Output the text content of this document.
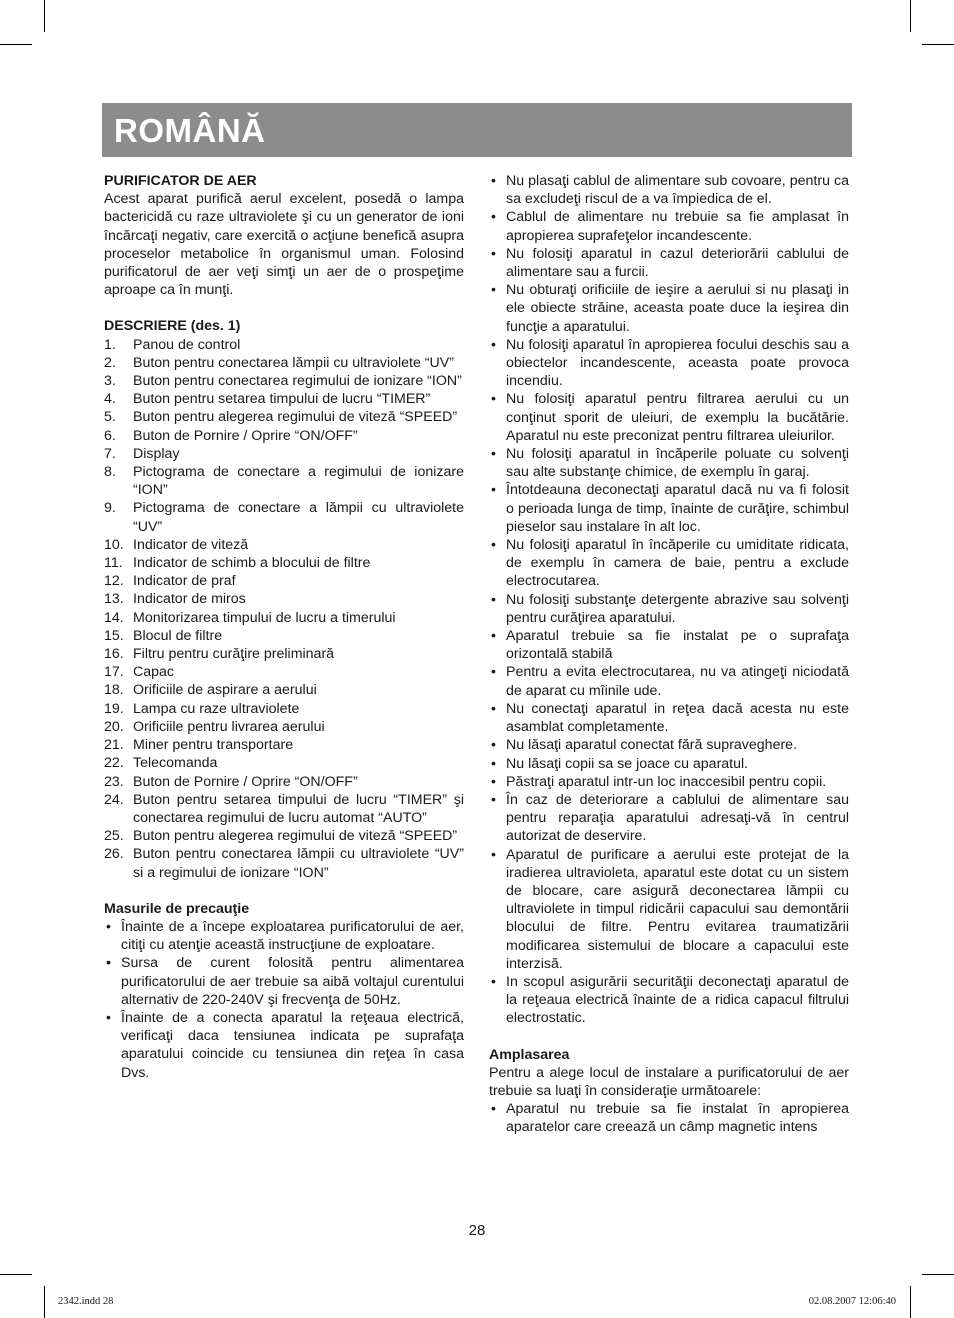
ROMÂNĂ

PURIFICATOR DE AER

Acest aparat purifică aerul excelent, posedă o lampa bactericidă cu raze ultraviolete şi cu un generator de ioni încărcaţi negativ, care exercită o acţiune benefică asupra proceselor metabolice în organismul uman. Folosind purificatorul de aer veţi simţi un aer de o prospeţime aproape ca în munţi.

DESCRIERE (des. 1)

1. Panou de control
2. Buton pentru conectarea lămpii cu ultraviolete “UV”
3. Buton pentru conectarea regimului de ionizare “ION”
4. Buton pentru setarea timpului de lucru “TIMER”
5. Buton pentru alegerea regimului de viteză “SPEED”
6. Buton de Pornire / Oprire “ON/OFF”
7. Display
8. Pictograma de conectare a regimului de ionizare “ION”
9. Pictograma de conectare a lămpii cu ultraviolete “UV”
10. Indicator de viteză
11. Indicator de schimb a blocului de filtre
12. Indicator de praf
13. Indicator de miros
14. Monitorizarea timpului de lucru a timerului
15. Blocul de filtre
16. Filtru pentru curăţire preliminară
17. Capac
18. Orificiile de aspirare a aerului
19. Lampa cu raze ultraviolete
20. Orificiile pentru livrarea aerului
21. Miner pentru transportare
22. Telecomanda
23. Buton de Pornire / Oprire “ON/OFF”
24. Buton pentru setarea timpului de lucru “TIMER” şi conectarea regimului de lucru automat “AUTO”
25. Buton pentru alegerea regimului de viteză “SPEED”
26. Buton pentru conectarea lămpii cu ultraviolete “UV” si a regimului de ionizare “ION”

Masurile de precauţie

• Înainte de a începe exploatarea purificatorului de aer, citiţi cu atenţie această instrucţiune de exploatare.
• Sursa de curent folosită pentru alimentarea purificatorului de aer trebuie sa aibă voltajul curentului alternativ de 220-240V şi frecvenţa de 50Hz.
• Înainte de a conecta aparatul la reţeaua electrică, verificaţi daca tensiunea indicata pe suprafaţa aparatului coincide cu tensiunea din reţea în casa Dvs.
• Nu plasaţi cablul de alimentare sub covoare, pentru ca sa excludeţi riscul de a va împiedica de el.
• Cablul de alimentare nu trebuie sa fie amplasat în apropierea suprafeţelor incandescente.
• Nu folosiţi aparatul in cazul deteriorării cablului de alimentare sau a furcii.
• Nu obturaţi orificiile de ieşire a aerului si nu plasaţi in ele obiecte străine, aceasta poate duce la ieşirea din funcţie a aparatului.
• Nu folosiţi aparatul în apropierea focului deschis sau a obiectelor incandescente, aceasta poate provoca incendiu.
• Nu folosiţi aparatul pentru filtrarea aerului cu un conţinut sporit de uleiuri, de exemplu la bucătărie. Aparatul nu este preconizat pentru filtrarea uleiurilor.
• Nu folosiţi aparatul in încăperile poluate cu solvenţi sau alte substanţe chimice, de exemplu în garaj.
• Întotdeauna deconectaţi aparatul dacă nu va fi folosit o perioada lunga de timp, înainte de curăţire, schimbul pieselor sau instalare în alt loc.
• Nu folosiţi aparatul în încăperile cu umiditate ridicata, de exemplu în camera de baie, pentru a exclude electrocutarea.
• Nu folosiţi substanţe detergente abrazive sau solvenţi pentru curăţirea aparatului.
• Aparatul trebuie sa fie instalat pe o suprafaţa orizontală stabilă
• Pentru a evita electrocutarea, nu va atingeţi niciodată de aparat cu mîinile ude.
• Nu conectaţi aparatul in reţea dacă acesta nu este asamblat completamente.
• Nu lăsaţi aparatul conectat fără supraveghere.
• Nu lăsaţi copii sa se joace cu aparatul.
• Păstraţi aparatul intr-un loc inaccesibil pentru copii.
• În caz de deteriorare a cablului de alimentare sau pentru reparaţia aparatului adresaţi-vă în centrul autorizat de deservire.
• Aparatul de purificare a aerului este protejat de la iradierea ultravioleta, aparatul este dotat cu un sistem de blocare, care asigură deconectarea lămpii cu ultraviolete in timpul ridicării capacului sau demontării blocului de filtre. Pentru evitarea traumatizării modificarea sistemului de blocare a capacului este interzisă.
• In scopul asigurării securităţii deconectaţi aparatul de la reţeaua electrică înainte de a ridica capacul filtrului electrostatic.

Amplasarea

Pentru a alege locul de instalare a purificatorului de aer trebuie sa luaţi în consideraţie următoarele:

• Aparatul nu trebuie sa fie instalat în apropierea aparatelor care creează un câmp magnetic intens
28
2342.indd 28	02.08.2007 12:06:40
